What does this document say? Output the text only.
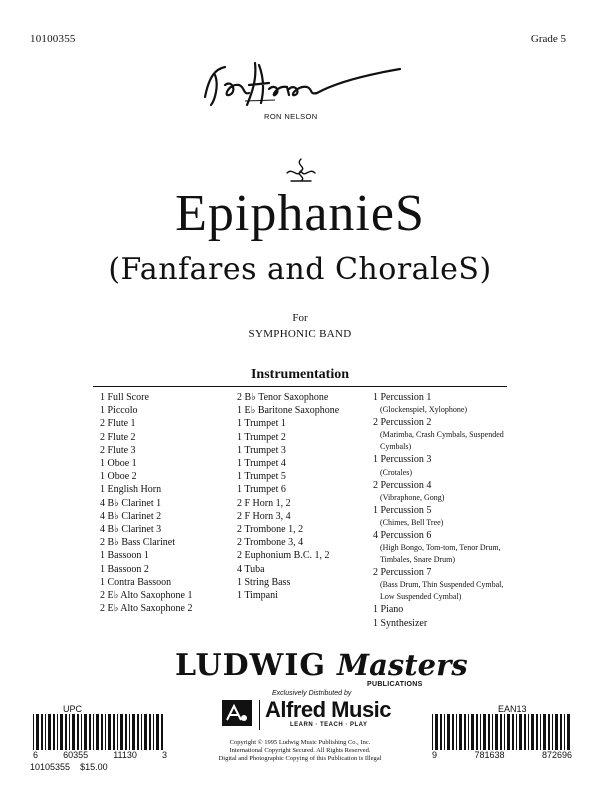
10100355	Grade 5
RON NELSON
EpiphanieS
(Fanfares and ChoraleS)
For
SYMPHONIC BAND
Instrumentation
1 Full Score
1 Piccolo
2 Flute 1
2 Flute 2
2 Flute 3
1 Oboe 1
1 Oboe 2
1 English Horn
4 B♭ Clarinet 1
4 B♭ Clarinet 2
4 B♭ Clarinet 3
2 B♭ Bass Clarinet
1 Bassoon 1
1 Bassoon 2
1 Contra Bassoon
2 E♭ Alto Saxophone 1
2 E♭ Alto Saxophone 2
2 B♭ Tenor Saxophone
1 E♭ Baritone Saxophone
1 Trumpet 1
1 Trumpet 2
1 Trumpet 3
1 Trumpet 4
1 Trumpet 5
1 Trumpet 6
2 F Horn 1, 2
2 F Horn 3, 4
2 Trombone 1, 2
2 Trombone 3, 4
2 Euphonium B.C. 1, 2
4 Tuba
1 String Bass
1 Timpani
1 Percussion 1
(Glockenspiel, Xylophone)
2 Percussion 2
(Marimba, Crash Cymbals, Suspended Cymbals)
1 Percussion 3
(Crotales)
2 Percussion 4
(Vibraphone, Gong)
1 Percussion 5
(Chimes, Bell Tree)
4 Percussion 6
(High Bongo, Tom-tom, Tenor Drum, Timbales, Snare Drum)
2 Percussion 7
(Bass Drum, Thin Suspended Cymbal, Low Suspended Cymbal)
1 Piano
1 Synthesizer
LUDWIG Masters
PUBLICATIONS
Exclusively Distributed by
Alfred Music
LEARN · TEACH · PLAY
Copyright © 1995 Ludwig Music Publishing Co., Inc.
International Copyright Secured. All Rights Reserved.
Digital and Photographic Copying of this Publication is Illegal
UPC
6	60355	11130	3
10105355 $15.00
EAN13
9	781638	872696
